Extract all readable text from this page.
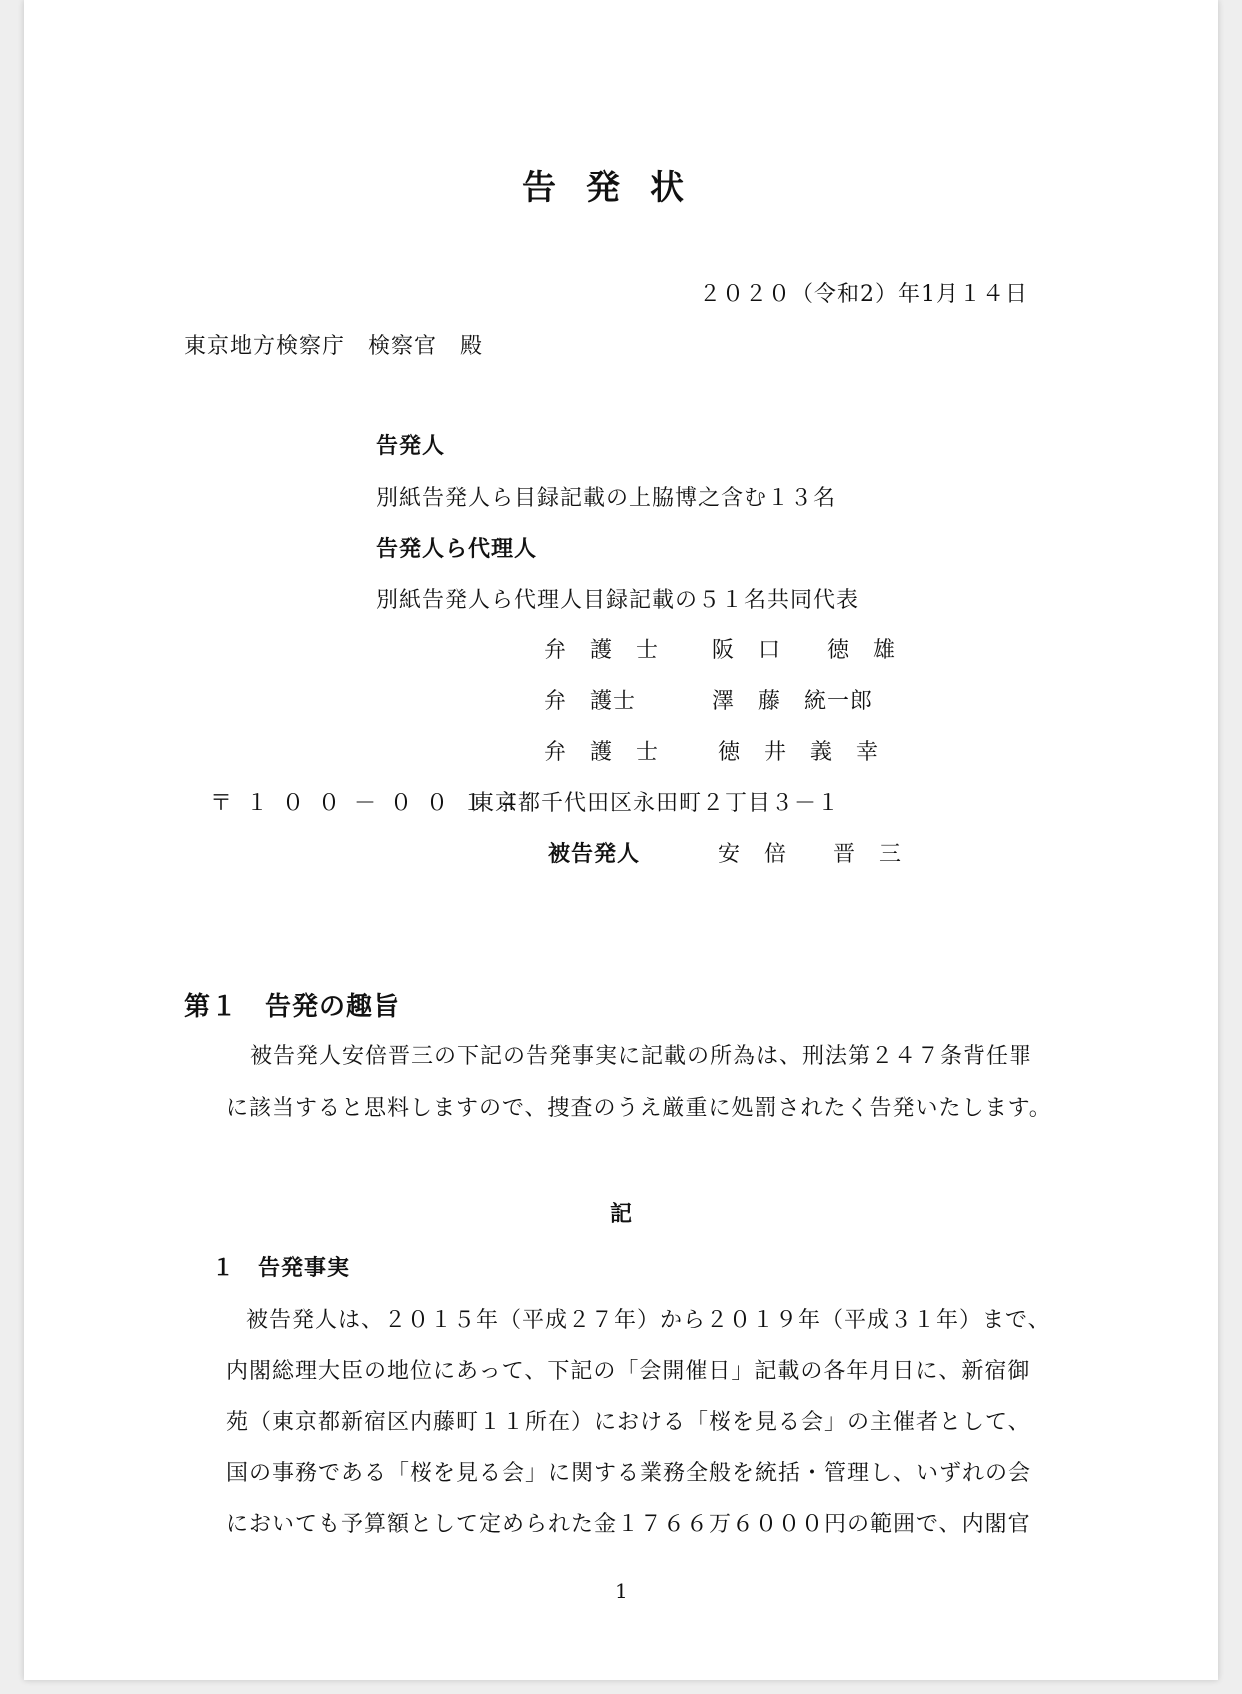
告発状
２０２０（令和2）年1月１４日
東京地方検察庁　検察官　殿
告発人
別紙告発人ら目録記載の上脇博之含む１３名
告発人ら代理人
別紙告発人ら代理人目録記載の５１名共同代表
弁　護　士 阪　口　　徳　雄
弁　護士	澤　藤　統一郎
弁　護　士	徳　井　義　幸
〒１００－００１４
東京都千代田区永田町２丁目３－１
被告発人	安　倍　　晋　三
第１　告発の趣旨
被告発人安倍晋三の下記の告発事実に記載の所為は、刑法第２４７条背任罪
に該当すると思料しますので、捜査のうえ厳重に処罰されたく告発いたします。
記
１　告発事実
被告発人は、２０１５年（平成２７年）から２０１９年（平成３１年）まで、
内閣総理大臣の地位にあって、下記の「会開催日」記載の各年月日に、新宿御
苑（東京都新宿区内藤町１１所在）における「桜を見る会」の主催者として、
国の事務である「桜を見る会」に関する業務全般を統括・管理し、いずれの会
においても予算額として定められた金１７６６万６０００円の範囲で、内閣官
1
